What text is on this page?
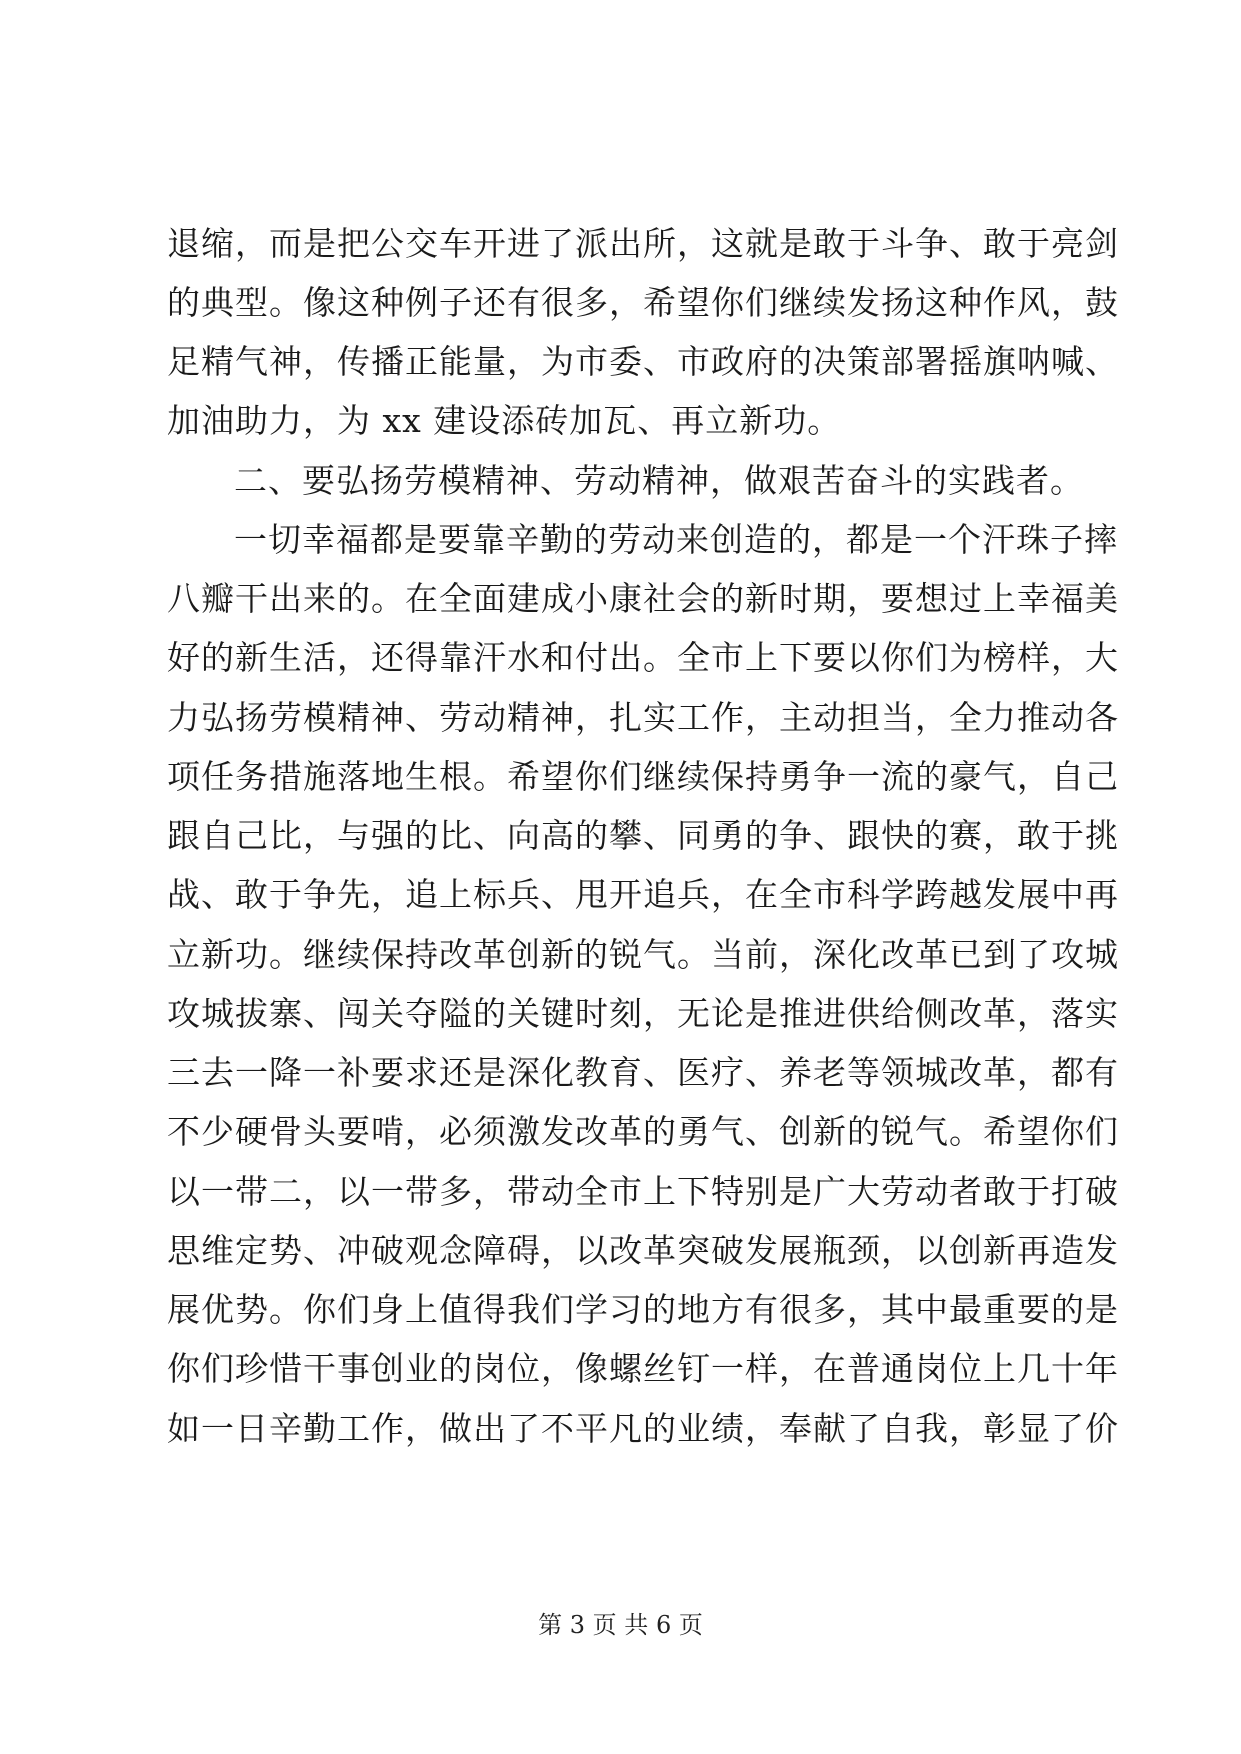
退缩，而是把公交车开进了派出所，这就是敢于斗争、敢于亮剑
的典型。像这种例子还有很多，希望你们继续发扬这种作风，鼓
足精气神，传播正能量，为市委、市政府的决策部署摇旗呐喊、
加油助力，为 xx 建设添砖加瓦、再立新功。
二、要弘扬劳模精神、劳动精神，做艰苦奋斗的实践者。
一切幸福都是要靠辛勤的劳动来创造的，都是一个汗珠子摔
八瓣干出来的。在全面建成小康社会的新时期，要想过上幸福美
好的新生活，还得靠汗水和付出。全市上下要以你们为榜样，大
力弘扬劳模精神、劳动精神，扎实工作，主动担当，全力推动各
项任务措施落地生根。希望你们继续保持勇争一流的豪气，自己
跟自己比，与强的比、向高的攀、同勇的争、跟快的赛，敢于挑
战、敢于争先，追上标兵、甩开追兵，在全市科学跨越发展中再
立新功。继续保持改革创新的锐气。当前，深化改革已到了攻城
攻城拔寨、闯关夺隘的关键时刻，无论是推进供给侧改革，落实
三去一降一补要求还是深化教育、医疗、养老等领城改革，都有
不少硬骨头要啃，必须激发改革的勇气、创新的锐气。希望你们
以一带二，以一带多，带动全市上下特别是广大劳动者敢于打破
思维定势、冲破观念障碍，以改革突破发展瓶颈，以创新再造发
展优势。你们身上值得我们学习的地方有很多，其中最重要的是
你们珍惜干事创业的岗位，像螺丝钉一样，在普通岗位上几十年
如一日辛勤工作，做出了不平凡的业绩，奉献了自我，彰显了价
第 3 页 共 6 页
